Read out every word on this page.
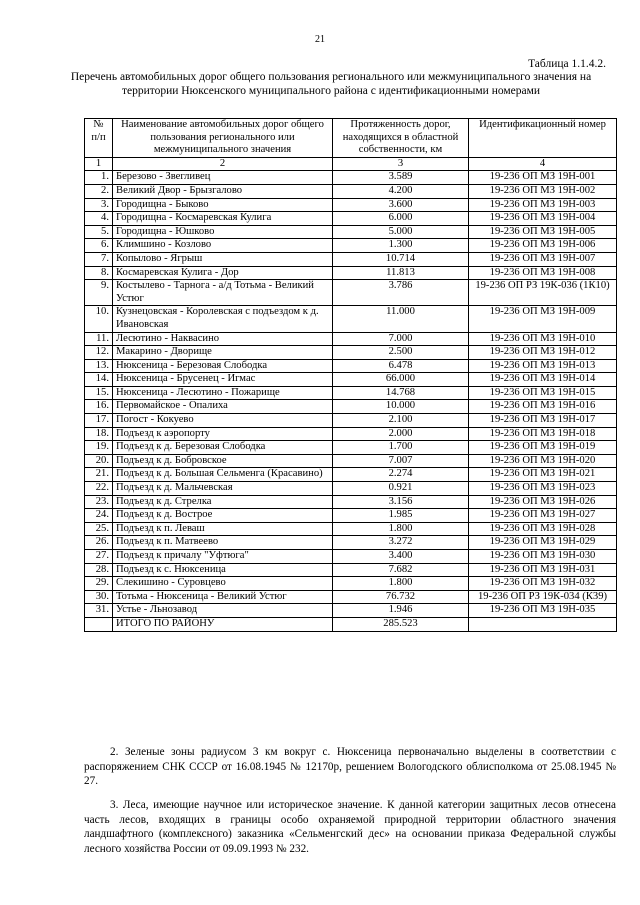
21
Таблица 1.1.4.2.
Перечень автомобильных дорог общего пользования регионального или межмуниципального значения на территории Нюксенского муниципального района с идентификационными номерами
№ п/п	Наименование автомобильных дорог общего пользования регионального или межмуниципального значения	Протяженность дорог, находящихся в областной собственности, км	Идентификационный номер
1	2	3	4
1.	Березово - Звегливец	3.589	19-236 ОП МЗ 19Н-001
2.	Великий Двор - Брызгалово	4.200	19-236 ОП МЗ 19Н-002
3.	Городищна - Быково	3.600	19-236 ОП МЗ 19Н-003
4.	Городищна - Космаревская Кулига	6.000	19-236 ОП МЗ 19Н-004
5.	Городищна - Юшково	5.000	19-236 ОП МЗ 19Н-005
6.	Климшино - Козлово	1.300	19-236 ОП МЗ 19Н-006
7.	Копылово - Ягрыш	10.714	19-236 ОП МЗ 19Н-007
8.	Космаревская Кулига - Дор	11.813	19-236 ОП МЗ 19Н-008
9.	Костылево - Тарнога - а/д Тотьма - Великий Устюг	3.786	19-236 ОП РЗ 19К-036 (1К10)
10.	Кузнецовская - Королевская с подъездом к д. Ивановская	11.000	19-236 ОП МЗ 19Н-009
11.	Лесютино - Наквасино	7.000	19-236 ОП МЗ 19Н-010
12.	Макарино - Дворище	2.500	19-236 ОП МЗ 19Н-012
13.	Нюксеница - Березовая Слободка	6.478	19-236 ОП МЗ 19Н-013
14.	Нюксеница - Брусенец - Игмас	66.000	19-236 ОП МЗ 19Н-014
15.	Нюксеница - Лесютино - Пожарище	14.768	19-236 ОП МЗ 19Н-015
16.	Первомайское - Опалиха	10.000	19-236 ОП МЗ 19Н-016
17.	Погост - Кокуево	2.100	19-236 ОП МЗ 19Н-017
18.	Подъезд к аэропорту	2.000	19-236 ОП МЗ 19Н-018
19.	Подъезд к д. Березовая Слободка	1.700	19-236 ОП МЗ 19Н-019
20.	Подъезд к д. Бобровское	7.007	19-236 ОП МЗ 19Н-020
21.	Подъезд к д. Большая Сельменга (Красавино)	2.274	19-236 ОП МЗ 19Н-021
22.	Подъезд к д. Мальчевская	0.921	19-236 ОП МЗ 19Н-023
23.	Подъезд к д. Стрелка	3.156	19-236 ОП МЗ 19Н-026
24.	Подъезд к д. Вострое	1.985	19-236 ОП МЗ 19Н-027
25.	Подъезд к п. Леваш	1.800	19-236 ОП МЗ 19Н-028
26.	Подъезд к п. Матвеево	3.272	19-236 ОП МЗ 19Н-029
27.	Подъезд к причалу "Уфтюга"	3.400	19-236 ОП МЗ 19Н-030
28.	Подъезд к с. Нюксеница	7.682	19-236 ОП МЗ 19Н-031
29.	Слекишино - Суровцево	1.800	19-236 ОП МЗ 19Н-032
30.	Тотьма - Нюксеница - Великий Устюг	76.732	19-236 ОП РЗ 19К-034 (К39)
31.	Устье - Льнозавод	1.946	19-236 ОП МЗ 19Н-035
	ИТОГО ПО РАЙОНУ	285.523	
2. Зеленые зоны радиусом 3 км вокруг с. Нюксеница первоначально выделены в соответствии с распоряжением СНК СССР от 16.08.1945 № 12170р, решением Вологодского облисполкома от 25.08.1945 № 27.
3. Леса, имеющие научное или историческое значение. К данной категории защитных лесов отнесена часть лесов, входящих в границы особо охраняемой природной территории областного значения ландшафтного (комплексного) заказника «Сельменгский дес» на основании приказа Федеральной службы лесного хозяйства России от 09.09.1993 № 232.
